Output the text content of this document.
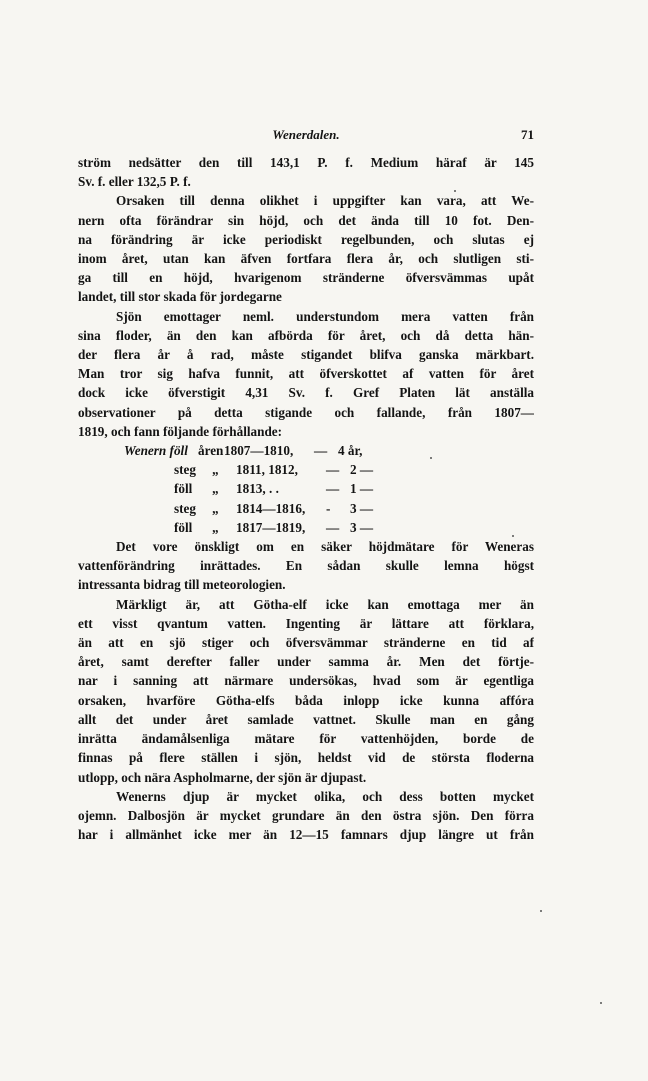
Wenerdalen.	71
ström nedsätter den till 143,1 P. f. Medium häraf är 145
Sv. f. eller 132,5 P. f.
Orsaken till denna olikhet i uppgifter kan vara, att We-
nern ofta förändrar sin höjd, och det ända till 10 fot. Den-
na förändring är icke periodiskt regelbunden, och slutas ej
inom året, utan kan äfven fortfara flera år, och slutligen sti-
ga till en höjd, hvarigenom stränderne öfversvämmas upåt
landet, till stor skada för jordegarne
Sjön emottager neml. understundom mera vatten från
sina floder, än den kan afbörda för året, och då detta hän-
der flera år å rad, måste stigandet blifva ganska märkbart.
Man tror sig hafva funnit, att öfverskottet af vatten för året
dock icke öfverstigit 4,31 Sv. f. Gref Platen lät anställa
observationer på detta stigande och fallande, från 1807—
1819, och fann följande förhållande:
Wenern föll åren 1807—1810,	— 4 år,
steg	„	1811, 1812,	— 2 —
föll	„	1813, . .	— 1 —
steg	„	1814—1816,	-	3 —
föll	„	1817—1819,	— 3 —
Det vore önskligt om en säker höjdmätare för Weneras
vattenförändring inrättades. En sådan skulle lemna högst
intressanta bidrag till meteorologien.
Märkligt är, att Götha-elf icke kan emottaga mer än
ett visst qvantum vatten. Ingenting är lättare att förklara,
än att en sjö stiger och öfversvämmar stränderne en tid af
året, samt derefter faller under samma år. Men det förtje-
nar i sanning att närmare undersökas, hvad som är egentliga
orsaken, hvarföre Götha-elfs båda inlopp icke kunna affóra
allt det under året samlade vattnet. Skulle man en gång
inrätta ändamålsenliga mätare för vattenhöjden, borde de
finnas på flere ställen i sjön, heldst vid de största floderna
utlopp, och nära Aspholmarne, der sjön är djupast.
Wenerns djup är mycket olika, och dess botten mycket
ojemn. Dalbosjön är mycket grundare än den östra sjön. Den förra
har i allmänhet icke mer än 12—15 famnars djup längre ut från
